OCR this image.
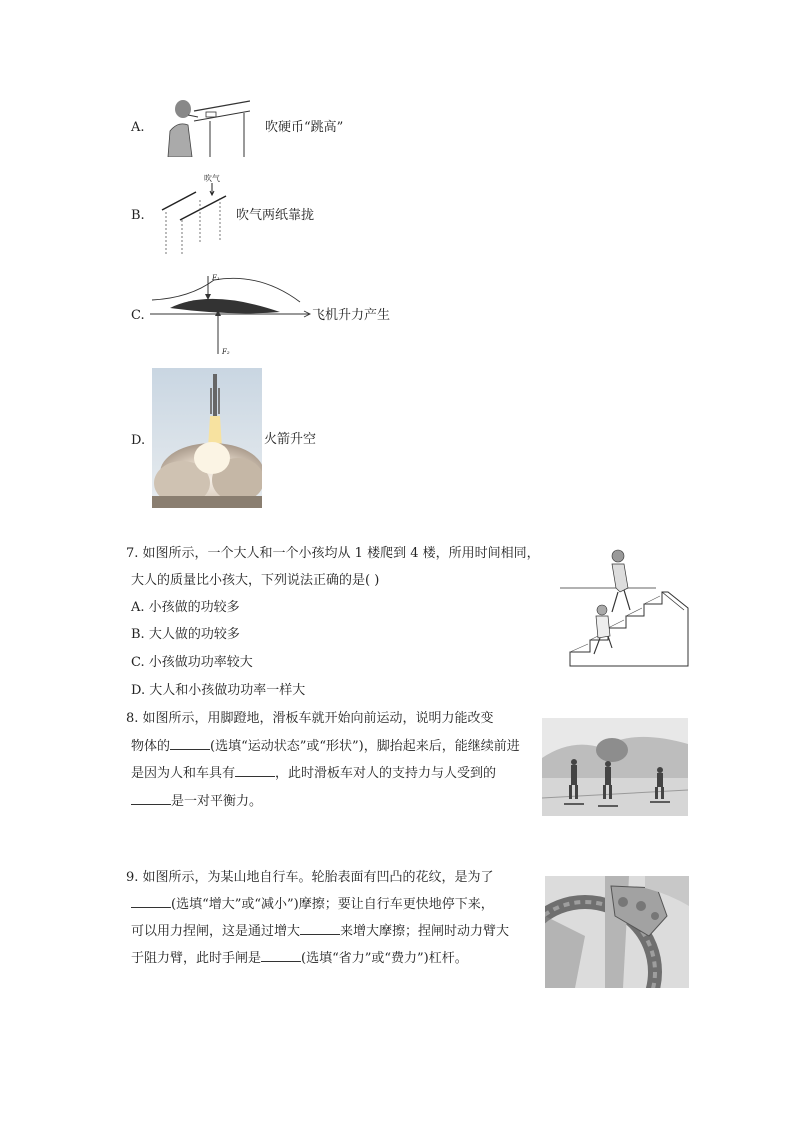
A.	吹硬币“跳高”
B.
吹气
吹气两纸靠拢
C.
F₁
F₂
飞机升力产生
D.	火箭升空
7. 如图所示，一个大人和一个小孩均从 1 楼爬到 4 楼，所用时间相同，
大人的质量比小孩大，下列说法正确的是( )
A. 小孩做的功较多
B. 大人做的功较多
C. 小孩做功功率较大
D. 大人和小孩做功功率一样大
8. 如图所示，用脚蹬地，滑板车就开始向前运动，说明力能改变
物体的	(选填“运动状态”或“形状”)，脚抬起来后，能继续前进
是因为人和车具有	，此时滑板车对人的支持力与人受到的
是一对平衡力。
9. 如图所示，为某山地自行车。轮胎表面有凹凸的花纹，是为了
(选填“增大”或“减小”)摩擦；要让自行车更快地停下来，
可以用力捏闸，这是通过增大	来增大摩擦；捏闸时动力臂大
于阻力臂，此时手闸是	(选填“省力”或“费力”)杠杆。
